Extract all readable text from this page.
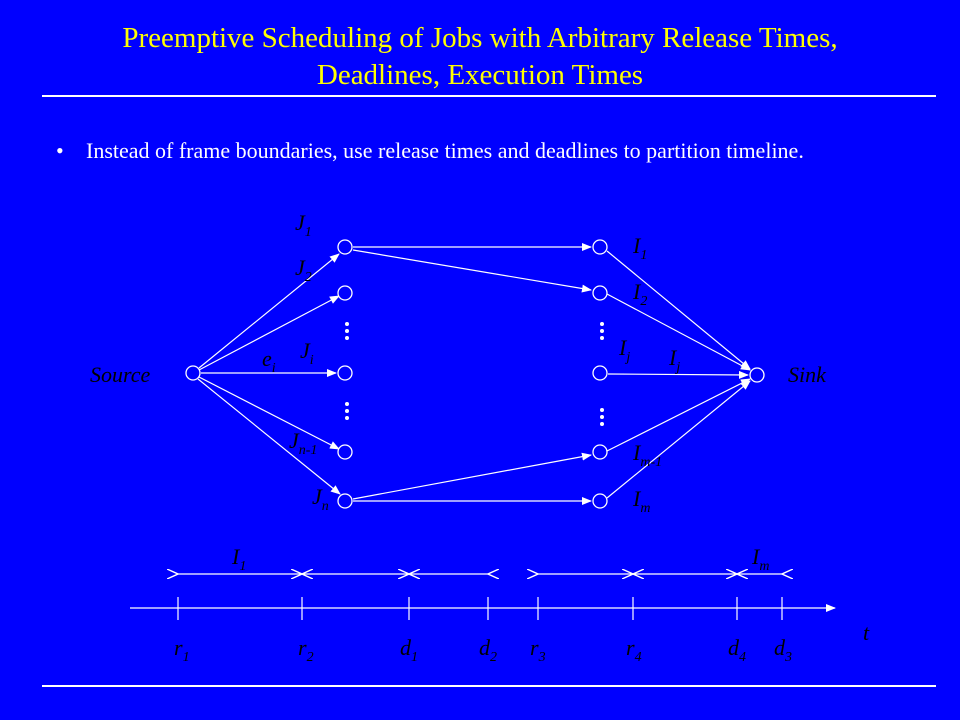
Preemptive Scheduling of Jobs with Arbitrary Release Times,
Deadlines, Execution Times
• Instead of frame boundaries, use release times and deadlines to partition timeline.
Source	Sink
$J_1$
$J_2$
$J_i$
$J_{n-1}$
$J_n$
$e_i$
$I_1$
$I_2$
$I_j$
$I_{m-1}$
$I_m$
$I_j$
$I_1$	$I_m$
$r_1$	$r_2$	$d_1$	$d_2$ $r_3$	$r_4$	$d_4$ $d_3$
t
